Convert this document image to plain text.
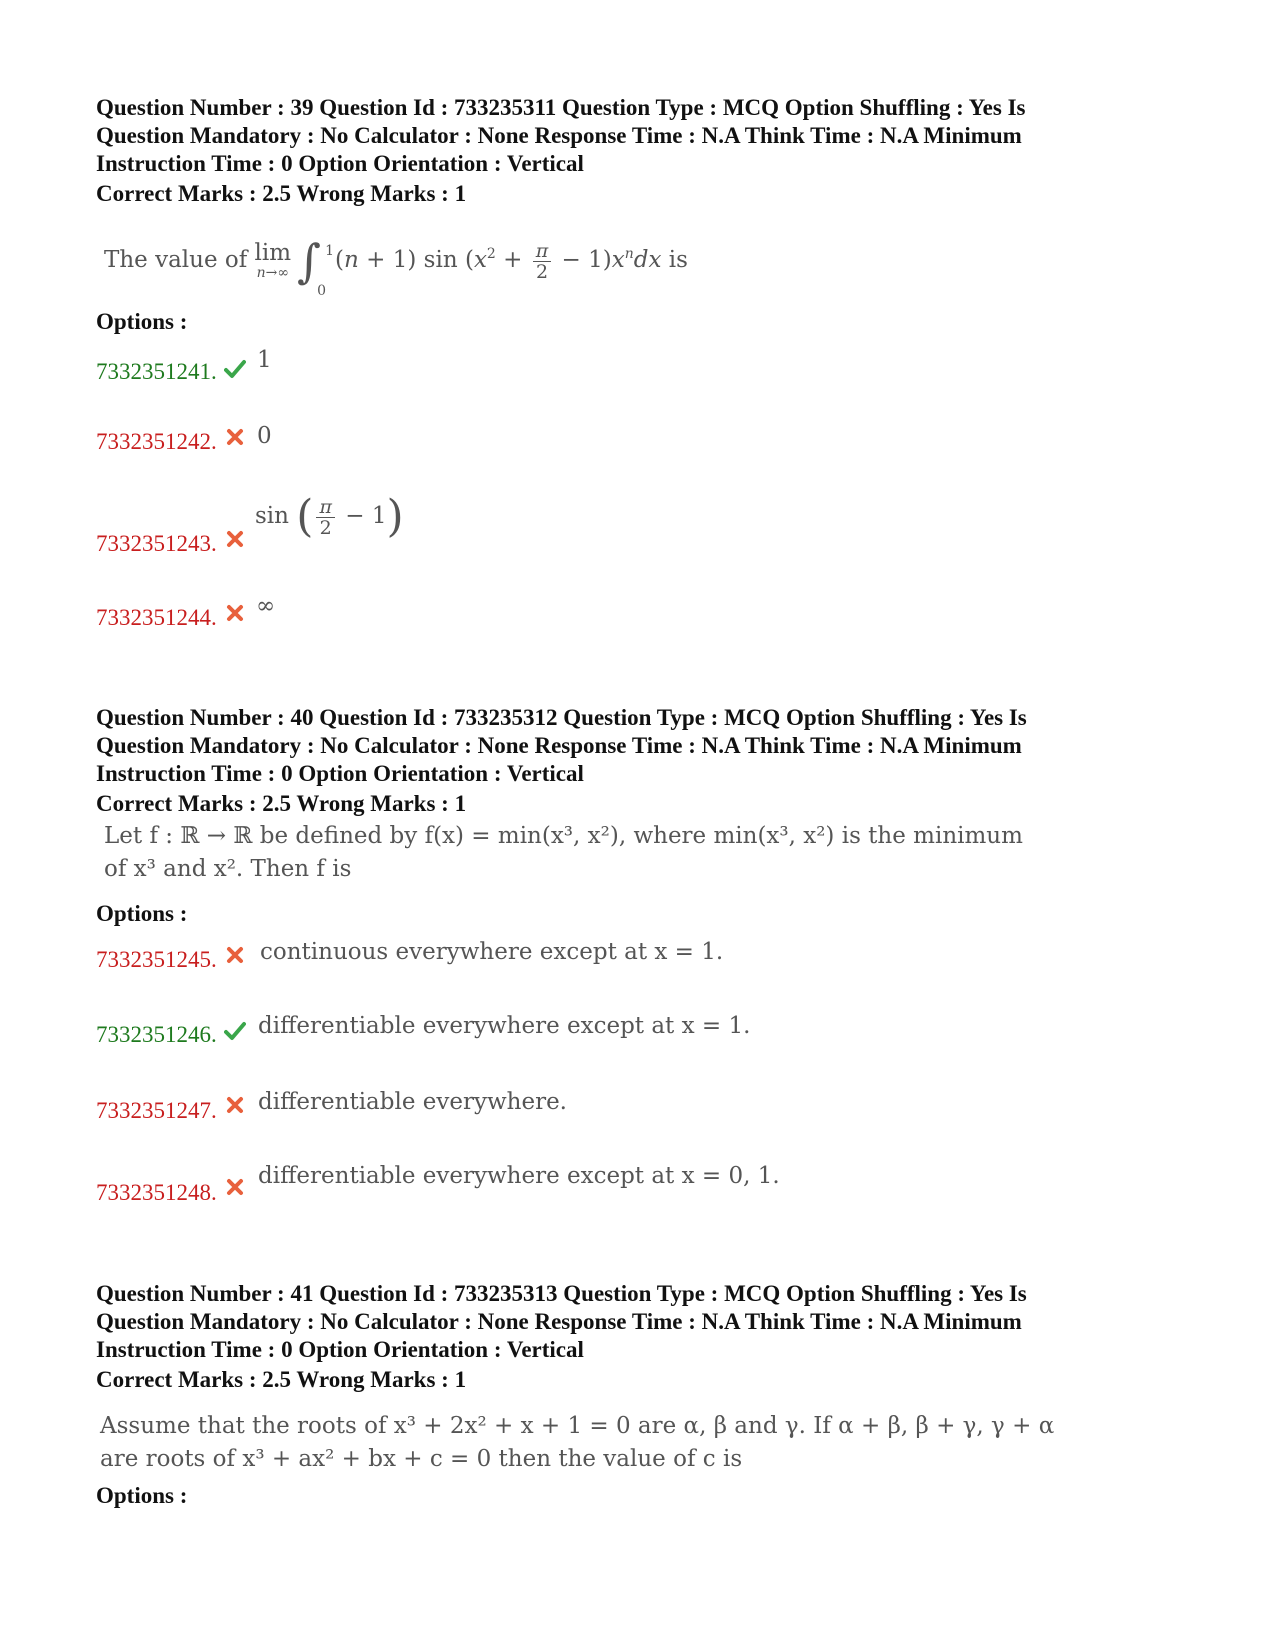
Question Number : 39 Question Id : 733235311 Question Type : MCQ Option Shuffling : Yes Is
Question Mandatory : No Calculator : None Response Time : N.A Think Time : N.A Minimum
Instruction Time : 0 Option Orientation : Vertical
Correct Marks : 2.5 Wrong Marks : 1
The value of lim
n→∞ ∫ 1
0
(n + 1) $\sin (x^2 + \frac{\pi}{2} - 1)x^ndx$ is
Options :
7332351241. 1
7332351242. 0
7332351243.
sin ( $\frac{\pi}{2} - 1$)
7332351244. ∞
Question Number : 40 Question Id : 733235312 Question Type : MCQ Option Shuffling : Yes Is
Question Mandatory : No Calculator : None Response Time : N.A Think Time : N.A Minimum
Instruction Time : 0 Option Orientation : Vertical
Correct Marks : 2.5 Wrong Marks : 1
Let f : ℝ → ℝ be defined by f(x) = min(x³, x²), where min(x³, x²) is the minimum
of x³ and x². Then f is
Options :
7332351245. continuous everywhere except at x = 1.
7332351246. differentiable everywhere except at x = 1.
7332351247. differentiable everywhere.
7332351248.
differentiable everywhere except at x = 0, 1.
Question Number : 41 Question Id : 733235313 Question Type : MCQ Option Shuffling : Yes Is
Question Mandatory : No Calculator : None Response Time : N.A Think Time : N.A Minimum
Instruction Time : 0 Option Orientation : Vertical
Correct Marks : 2.5 Wrong Marks : 1
Assume that the roots of x³ + 2x² + x + 1 = 0 are α, β and γ. If α + β, β + γ, γ + α
are roots of x³ + ax² + bx + c = 0 then the value of c is
Options :
